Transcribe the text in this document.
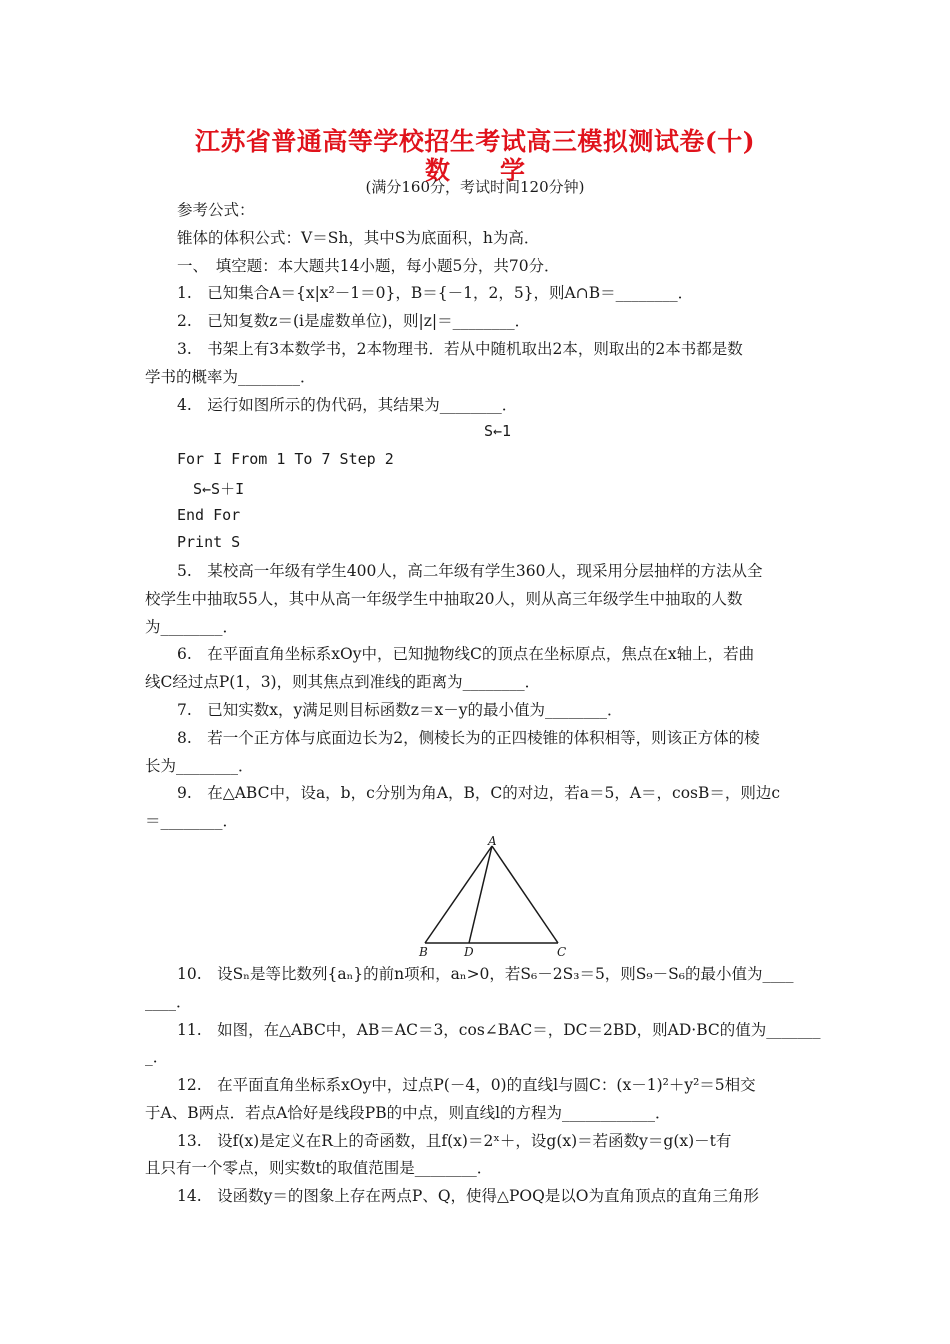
江苏省普通高等学校招生考试高三模拟测试卷(十)
数　　学
(满分160分，考试时间120分钟)
参考公式：
锥体的体积公式：V＝Sh，其中S为底面积，h为高．
一、　填空题：本大题共14小题，每小题5分，共70分．
1.　已知集合A＝{x|x²－1＝0}，B＝{－1，2，5}，则A∩B＝________．
2.　已知复数z＝(i是虚数单位)，则|z|＝________．
3.　书架上有3本数学书，2本物理书．若从中随机取出2本，则取出的2本书都是数
学书的概率为________．
4.　运行如图所示的伪代码，其结果为________．
S←1
For I From 1 To 7 Step 2
S←S＋I
End For
Print S
5.　某校高一年级有学生400人，高二年级有学生360人，现采用分层抽样的方法从全
校学生中抽取55人，其中从高一年级学生中抽取20人，则从高三年级学生中抽取的人数
为________．
6.　在平面直角坐标系xOy中，已知抛物线C的顶点在坐标原点，焦点在x轴上，若曲
线C经过点P(1，3)，则其焦点到准线的距离为________．
7.　已知实数x，y满足则目标函数z＝x－y的最小值为________．
8.　若一个正方体与底面边长为2，侧棱长为的正四棱锥的体积相等，则该正方体的棱
长为________．
9.　在△ABC中，设a，b，c分别为角A，B，C的对边，若a＝5，A＝，cosB＝，则边c
＝________．
A
B	D	C
10.　设Sₙ是等比数列{aₙ}的前n项和，aₙ>0，若S₆－2S₃＝5，则S₉－S₆的最小值为____
____．
11.　如图，在△ABC中，AB＝AC＝3，cos∠BAC＝，DC＝2BD，则AD·BC的值为_______
_．
12.　在平面直角坐标系xOy中，过点P(－4，0)的直线l与圆C：(x－1)²＋y²＝5相交
于A、B两点．若点A恰好是线段PB的中点，则直线l的方程为____________．
13.　设f(x)是定义在R上的奇函数，且f(x)＝2ˣ＋，设g(x)＝若函数y＝g(x)－t有
且只有一个零点，则实数t的取值范围是________．
14.　设函数y＝的图象上存在两点P、Q，使得△POQ是以O为直角顶点的直角三角形
